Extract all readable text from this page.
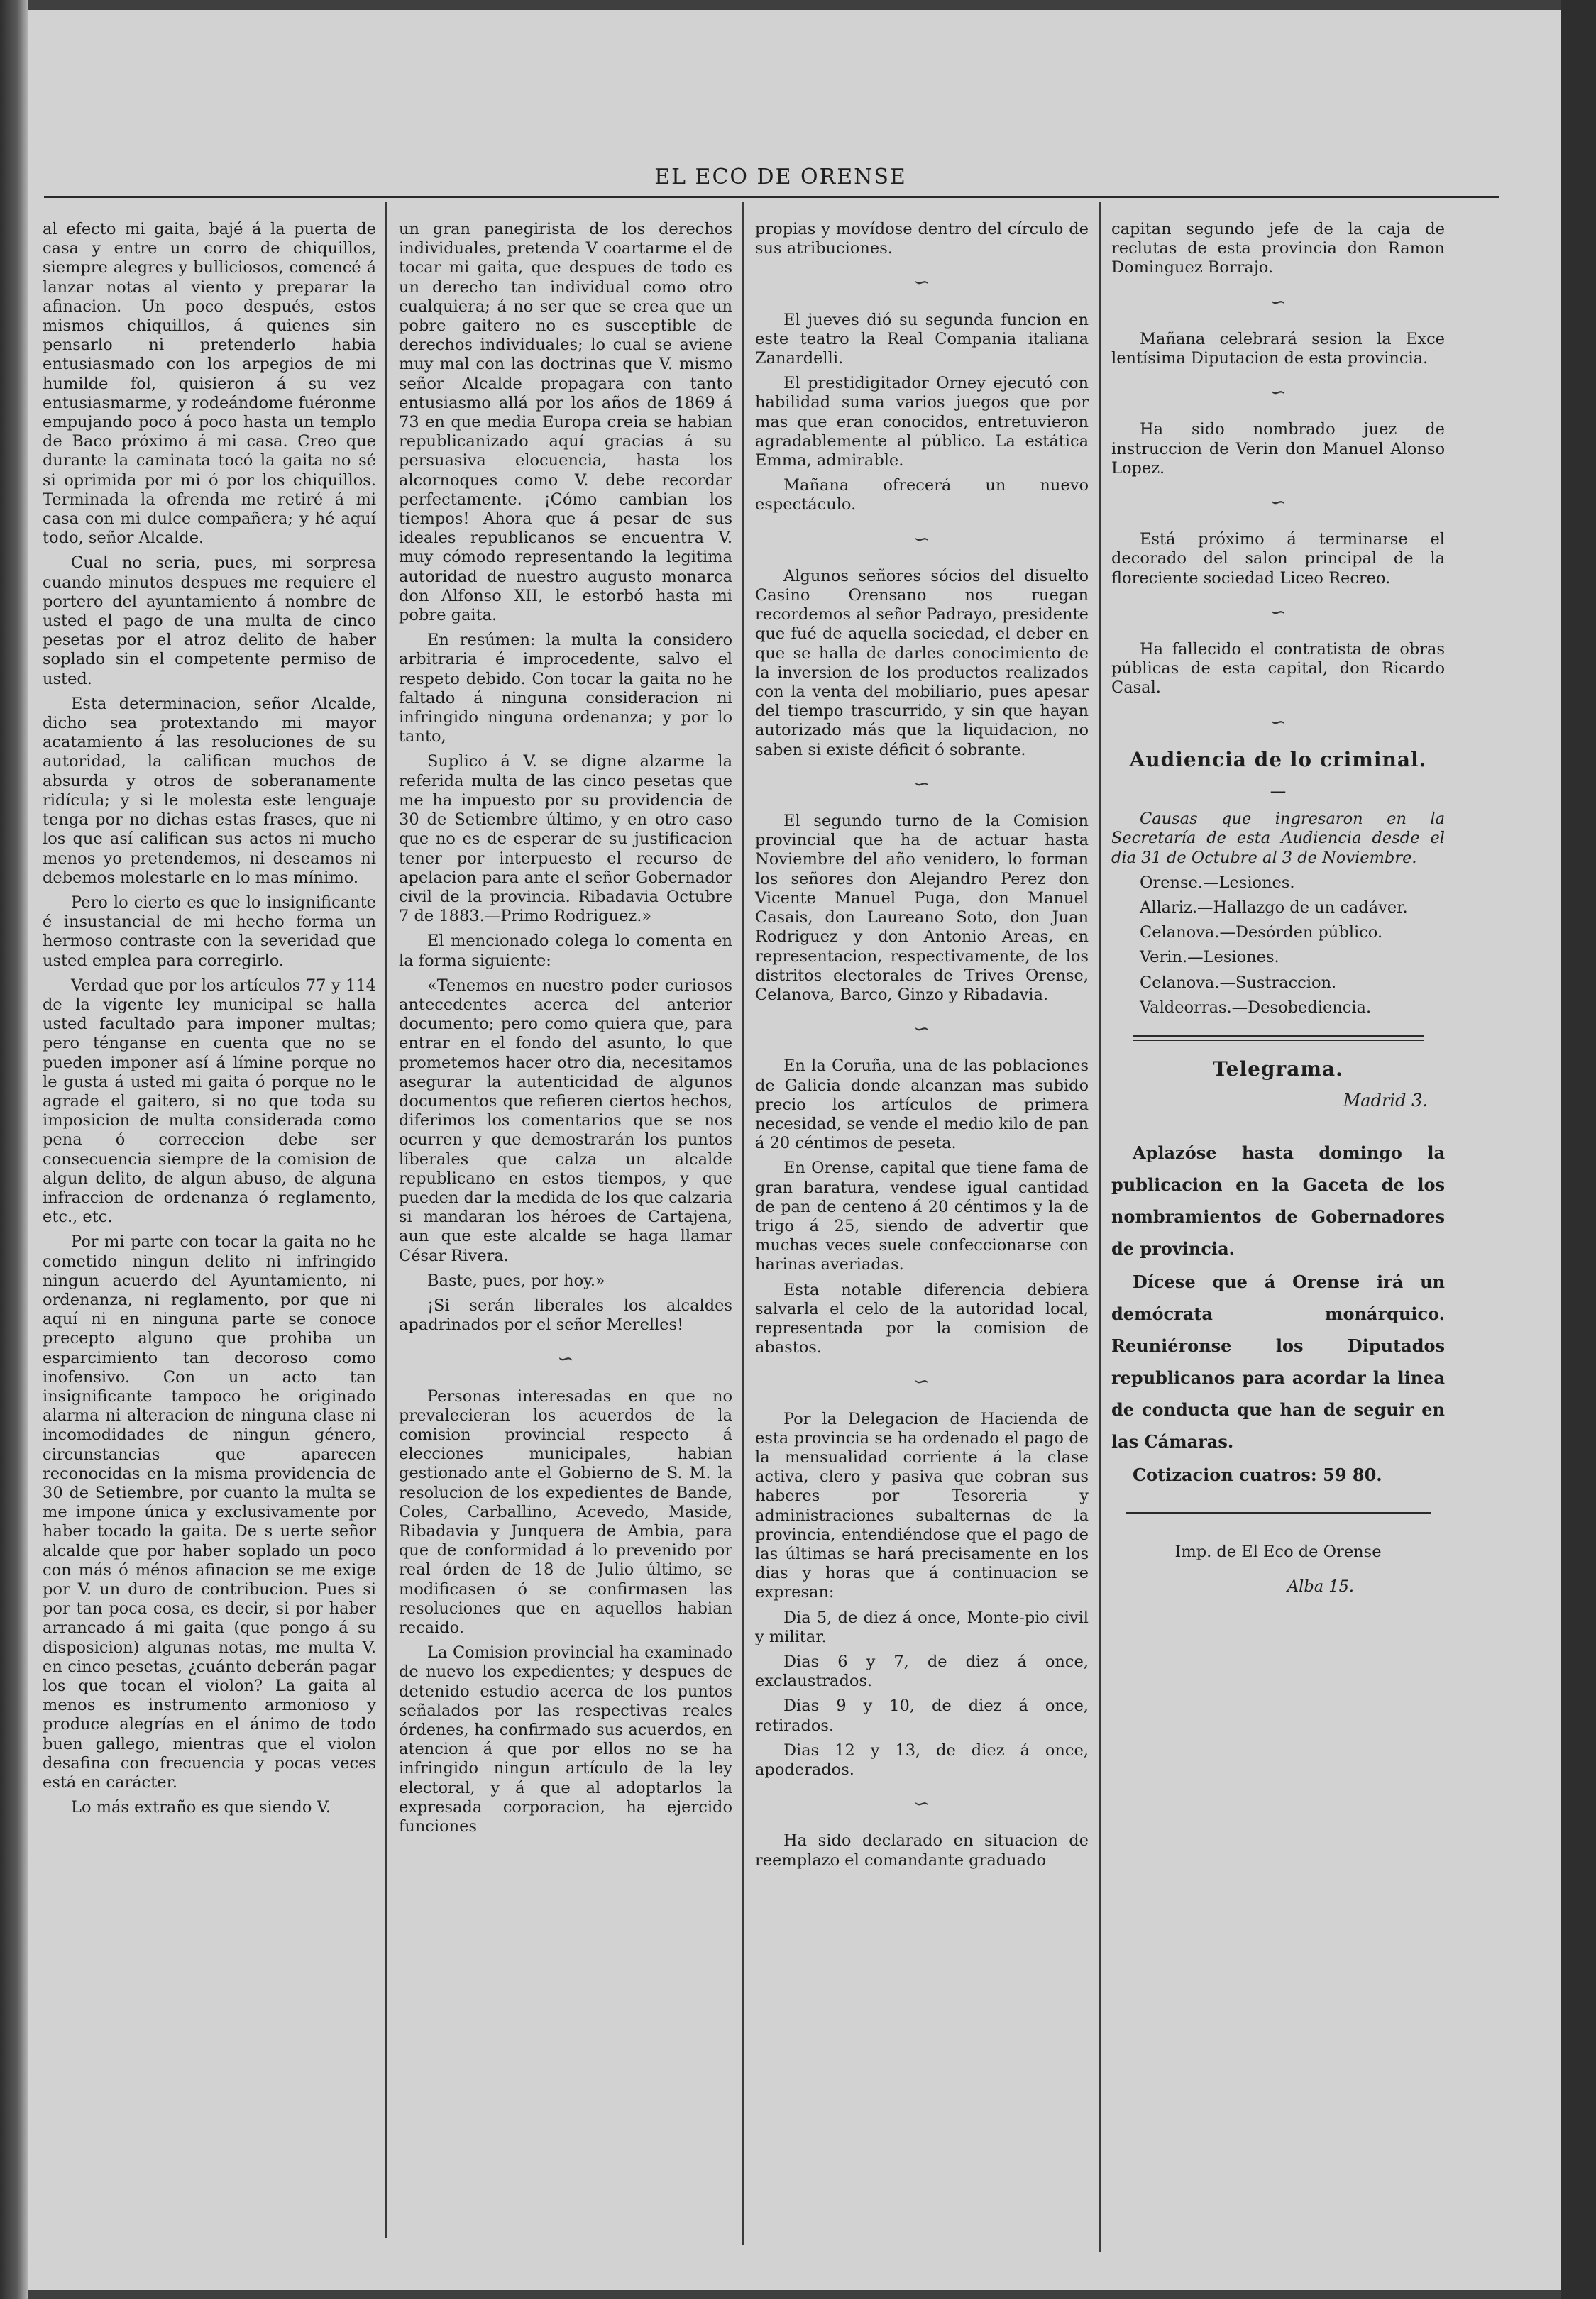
EL ECO DE ORENSE

al efecto mi gaita, bajé á la puerta de casa y entre un corro de chiquillos, siempre alegres y bulliciosos, comencé á lanzar notas al viento y preparar la afinacion. Un poco después, estos mismos chiquillos, á quienes sin pensarlo ni pretenderlo habia entusiasmado con los arpegios de mi humilde fol, quisieron á su vez entusiasmarme, y rodeándome fuéronme empujando poco á poco hasta un templo de Baco próximo á mi casa. Creo que durante la caminata tocó la gaita no sé si oprimida por mi ó por los chiquillos. Terminada la ofrenda me retiré á mi casa con mi dulce compañera; y hé aquí todo, señor Alcalde.

Cual no seria, pues, mi sorpresa cuando minutos despues me requiere el portero del ayuntamiento á nombre de usted el pago de una multa de cinco pesetas por el atroz delito de haber soplado sin el competente permiso de usted.

Esta determinacion, señor Alcalde, dicho sea protextando mi mayor acatamiento á las resoluciones de su autoridad, la califican muchos de absurda y otros de soberanamente ridícula; y si le molesta este lenguaje tenga por no dichas estas frases, que ni los que así califican sus actos ni mucho menos yo pretendemos, ni deseamos ni debemos molestarle en lo mas mínimo.

Pero lo cierto es que lo insignificante é insustancial de mi hecho forma un hermoso contraste con la severidad que usted emplea para corregirlo.

Verdad que por los artículos 77 y 114 de la vigente ley municipal se halla usted facultado para imponer multas; pero ténganse en cuenta que no se pueden imponer así á límine porque no le gusta á usted mi gaita ó porque no le agrade el gaitero, si no que toda su imposicion de multa considerada como pena ó correccion debe ser consecuencia siempre de la comision de algun delito, de algun abuso, de alguna infraccion de ordenanza ó reglamento, etc., etc.

Por mi parte con tocar la gaita no he cometido ningun delito ni infringido ningun acuerdo del Ayuntamiento, ni ordenanza, ni reglamento, por que ni aquí ni en ninguna parte se conoce precepto alguno que prohiba un esparcimiento tan decoroso como inofensivo. Con un acto tan insignificante tampoco he originado alarma ni alteracion de ninguna clase ni incomodidades de ningun género, circunstancias que aparecen reconocidas en la misma providencia de 30 de Setiembre, por cuanto la multa se me impone única y exclusivamente por haber tocado la gaita. De s uerte señor alcalde que por haber soplado un poco con más ó ménos afinacion se me exige por V. un duro de contribucion. Pues si por tan poca cosa, es decir, si por haber arrancado á mi gaita (que pongo á su disposicion) algunas notas, me multa V. en cinco pesetas, ¿cuánto deberán pagar los que tocan el violon? La gaita al menos es instrumento armonioso y produce alegrías en el ánimo de todo buen gallego, mientras que el violon desafina con frecuencia y pocas veces está en carácter.

Lo más extraño es que siendo V.

un gran panegirista de los derechos individuales, pretenda V coartarme el de tocar mi gaita, que despues de todo es un derecho tan individual como otro cualquiera; á no ser que se crea que un pobre gaitero no es susceptible de derechos individuales; lo cual se aviene muy mal con las doctrinas que V. mismo señor Alcalde propagara con tanto entusiasmo allá por los años de 1869 á 73 en que media Europa creia se habian republicanizado aquí gracias á su persuasiva elocuencia, hasta los alcornoques como V. debe recordar perfectamente. ¡Cómo cambian los tiempos! Ahora que á pesar de sus ideales republicanos se encuentra V. muy cómodo representando la legitima autoridad de nuestro augusto monarca don Alfonso XII, le estorbó hasta mi pobre gaita.

En resúmen: la multa la considero arbitraria é improcedente, salvo el respeto debido. Con tocar la gaita no he faltado á ninguna consideracion ni infringido ninguna ordenanza; y por lo tanto,

Suplico á V. se digne alzarme la referida multa de las cinco pesetas que me ha impuesto por su providencia de 30 de Setiembre último, y en otro caso que no es de esperar de su justificacion tener por interpuesto el recurso de apelacion para ante el señor Gobernador civil de la provincia. Ribadavia Octubre 7 de 1883.—Primo Rodriguez.»

El mencionado colega lo comenta en la forma siguiente:

«Tenemos en nuestro poder curiosos antecedentes acerca del anterior documento; pero como quiera que, para entrar en el fondo del asunto, lo que prometemos hacer otro dia, necesitamos asegurar la autenticidad de algunos documentos que refieren ciertos hechos, diferimos los comentarios que se nos ocurren y que demostrarán los puntos liberales que calza un alcalde republicano en estos tiempos, y que pueden dar la medida de los que calzaria si mandaran los héroes de Cartajena, aun que este alcalde se haga llamar César Rivera.

Baste, pues, por hoy.»

¡Si serán liberales los alcaldes apadrinados por el señor Merelles!

∽

Personas interesadas en que no prevalecieran los acuerdos de la comision provincial respecto á elecciones municipales, habian gestionado ante el Gobierno de S. M. la resolucion de los expedientes de Bande, Coles, Carballino, Acevedo, Maside, Ribadavia y Junquera de Ambia, para que de conformidad á lo prevenido por real órden de 18 de Julio último, se modificasen ó se confirmasen las resoluciones que en aquellos habian recaido.

La Comision provincial ha examinado de nuevo los expedientes; y despues de detenido estudio acerca de los puntos señalados por las respectivas reales órdenes, ha confirmado sus acuerdos, en atencion á que por ellos no se ha infringido ningun artículo de la ley electoral, y á que al adoptarlos la expresada corporacion, ha ejercido funciones

propias y movídose dentro del círculo de sus atribuciones.

∽

El jueves dió su segunda funcion en este teatro la Real Compania italiana Zanardelli.

El prestidigitador Orney ejecutó con habilidad suma varios juegos que por mas que eran conocidos, entretuvieron agradablemente al público. La estática Emma, admirable.

Mañana ofrecerá un nuevo espectáculo.

∽

Algunos señores sócios del disuelto Casino Orensano nos ruegan recordemos al señor Padrayo, presidente que fué de aquella sociedad, el deber en que se halla de darles conocimiento de la inversion de los productos realizados con la venta del mobiliario, pues apesar del tiempo trascurrido, y sin que hayan autorizado más que la liquidacion, no saben si existe déficit ó sobrante.

∽

El segundo turno de la Comision provincial que ha de actuar hasta Noviembre del año venidero, lo forman los señores don Alejandro Perez don Vicente Manuel Puga, don Manuel Casais, don Laureano Soto, don Juan Rodriguez y don Antonio Areas, en representacion, respectivamente, de los distritos electorales de Trives Orense, Celanova, Barco, Ginzo y Ribadavia.

∽

En la Coruña, una de las poblaciones de Galicia donde alcanzan mas subido precio los artículos de primera necesidad, se vende el medio kilo de pan á 20 céntimos de peseta.

En Orense, capital que tiene fama de gran baratura, vendese igual cantidad de pan de centeno á 20 céntimos y la de trigo á 25, siendo de advertir que muchas veces suele confeccionarse con harinas averiadas.

Esta notable diferencia debiera salvarla el celo de la autoridad local, representada por la comision de abastos.

∽

Por la Delegacion de Hacienda de esta provincia se ha ordenado el pago de la mensualidad corriente á la clase activa, clero y pasiva que cobran sus haberes por Tesoreria y administraciones subalternas de la provincia, entendiéndose que el pago de las últimas se hará precisamente en los dias y horas que á continuacion se expresan:

Dia 5, de diez á once, Monte-pio civil y militar.

Dias 6 y 7, de diez á once, exclaustrados.

Dias 9 y 10, de diez á once, retirados.

Dias 12 y 13, de diez á once, apoderados.

∽

Ha sido declarado en situacion de reemplazo el comandante graduado

capitan segundo jefe de la caja de reclutas de esta provincia don Ramon Dominguez Borrajo.

∽

Mañana celebrará sesion la Exce lentísima Diputacion de esta provincia.

∽

Ha sido nombrado juez de instruccion de Verin don Manuel Alonso Lopez.

∽

Está próximo á terminarse el decorado del salon principal de la floreciente sociedad Liceo Recreo.

∽

Ha fallecido el contratista de obras públicas de esta capital, don Ricardo Casal.

∽
Audiencia de lo criminal.
—

Causas que ingresaron en la Secretaría de esta Audiencia desde el dia 31 de Octubre al 3 de Noviembre.

Orense.—Lesiones.

Allariz.—Hallazgo de un cadáver.

Celanova.—Desórden público.

Verin.—Lesiones.

Celanova.—Sustraccion.

Valdeorras.—Desobediencia.

Telegrama.
Madrid 3.

Aplazóse hasta domingo la publicacion en la Gaceta de los nombramientos de Gobernadores de provincia.

Dícese que á Orense irá un demócrata monárquico. Reuniéronse los Diputados republicanos para acordar la linea de conducta que han de seguir en las Cámaras.

Cotizacion cuatros: 59 80.

Imp. de El Eco de Orense
Alba 15.
